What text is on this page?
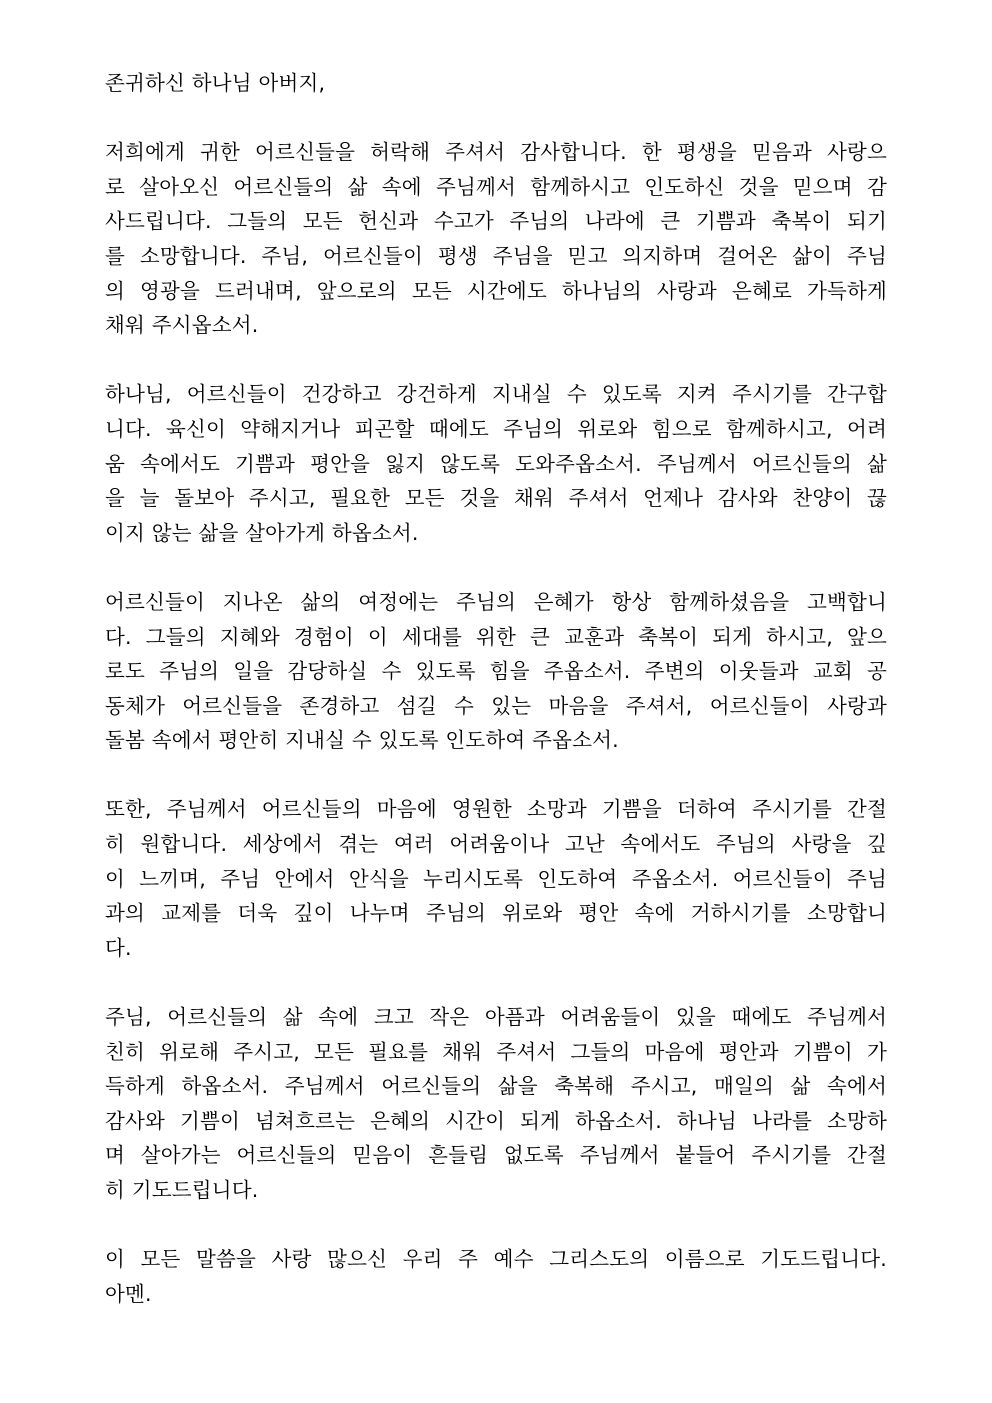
존귀하신 하나님 아버지,
저희에게 귀한 어르신들을 허락해 주셔서 감사합니다. 한 평생을 믿음과 사랑으
로 살아오신 어르신들의 삶 속에 주님께서 함께하시고 인도하신 것을 믿으며 감
사드립니다. 그들의 모든 헌신과 수고가 주님의 나라에 큰 기쁨과 축복이 되기
를 소망합니다. 주님, 어르신들이 평생 주님을 믿고 의지하며 걸어온 삶이 주님
의 영광을 드러내며, 앞으로의 모든 시간에도 하나님의 사랑과 은혜로 가득하게
채워 주시옵소서.
하나님, 어르신들이 건강하고 강건하게 지내실 수 있도록 지켜 주시기를 간구합
니다. 육신이 약해지거나 피곤할 때에도 주님의 위로와 힘으로 함께하시고, 어려
움 속에서도 기쁨과 평안을 잃지 않도록 도와주옵소서. 주님께서 어르신들의 삶
을 늘 돌보아 주시고, 필요한 모든 것을 채워 주셔서 언제나 감사와 찬양이 끊
이지 않는 삶을 살아가게 하옵소서.
어르신들이 지나온 삶의 여정에는 주님의 은혜가 항상 함께하셨음을 고백합니
다. 그들의 지혜와 경험이 이 세대를 위한 큰 교훈과 축복이 되게 하시고, 앞으
로도 주님의 일을 감당하실 수 있도록 힘을 주옵소서. 주변의 이웃들과 교회 공
동체가 어르신들을 존경하고 섬길 수 있는 마음을 주셔서, 어르신들이 사랑과
돌봄 속에서 평안히 지내실 수 있도록 인도하여 주옵소서.
또한, 주님께서 어르신들의 마음에 영원한 소망과 기쁨을 더하여 주시기를 간절
히 원합니다. 세상에서 겪는 여러 어려움이나 고난 속에서도 주님의 사랑을 깊
이 느끼며, 주님 안에서 안식을 누리시도록 인도하여 주옵소서. 어르신들이 주님
과의 교제를 더욱 깊이 나누며 주님의 위로와 평안 속에 거하시기를 소망합니
다.
주님, 어르신들의 삶 속에 크고 작은 아픔과 어려움들이 있을 때에도 주님께서
친히 위로해 주시고, 모든 필요를 채워 주셔서 그들의 마음에 평안과 기쁨이 가
득하게 하옵소서. 주님께서 어르신들의 삶을 축복해 주시고, 매일의 삶 속에서
감사와 기쁨이 넘쳐흐르는 은혜의 시간이 되게 하옵소서. 하나님 나라를 소망하
며 살아가는 어르신들의 믿음이 흔들림 없도록 주님께서 붙들어 주시기를 간절
히 기도드립니다.
이 모든 말씀을 사랑 많으신 우리 주 예수 그리스도의 이름으로 기도드립니다.
아멘.
